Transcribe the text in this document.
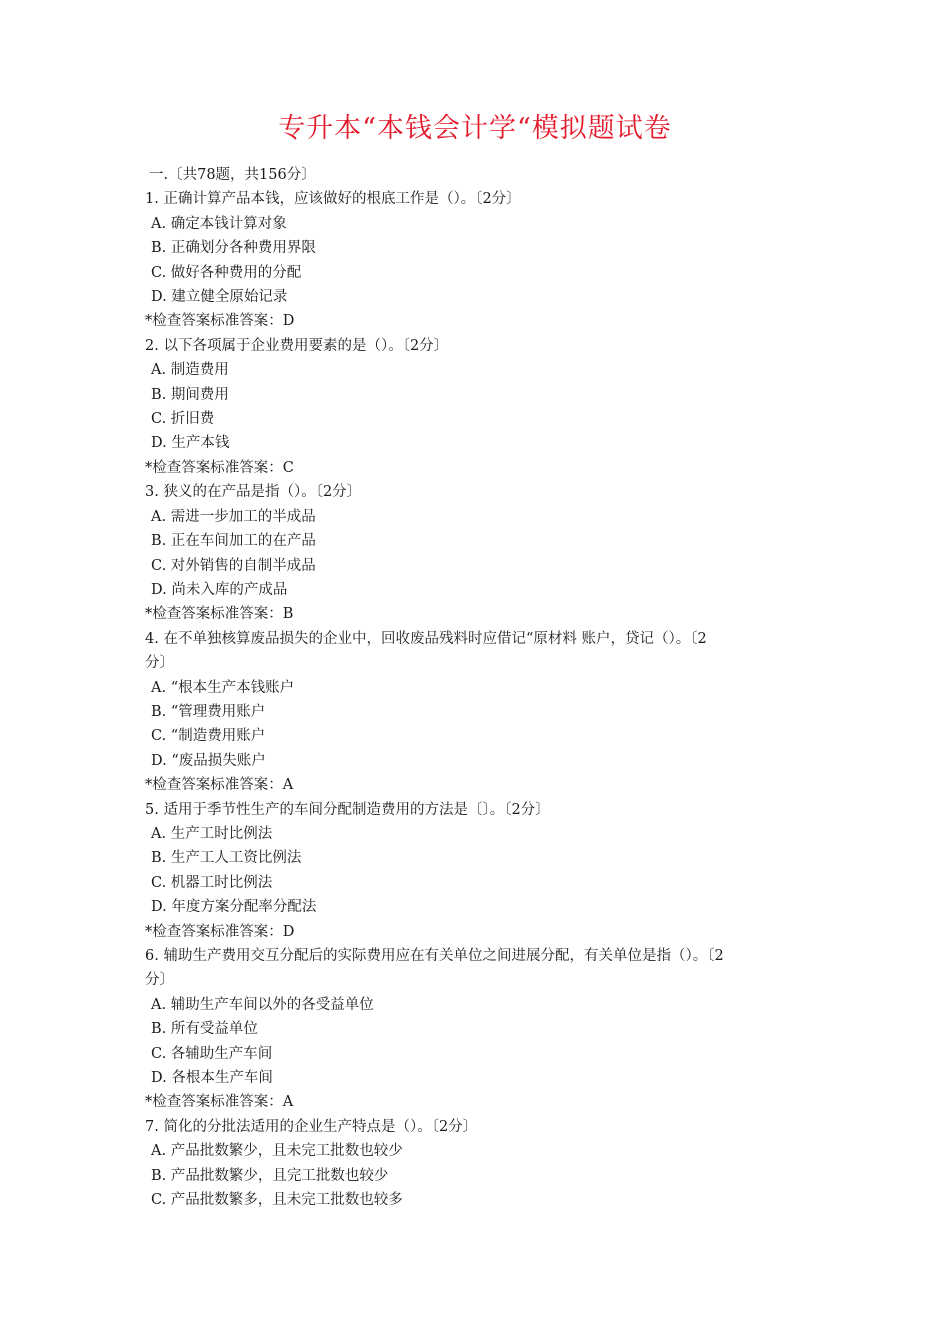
专升本“本钱会计学“模拟题试卷
一.〔共78题，共156分〕
1. 正确计算产品本钱，应该做好的根底工作是（）。〔2分〕
A. 确定本钱计算对象
B. 正确划分各种费用界限
C. 做好各种费用的分配
D. 建立健全原始记录
*检查答案标准答案：D
2. 以下各项属于企业费用要素的是（）。〔2分〕
A. 制造费用
B. 期间费用
C. 折旧费
D. 生产本钱
*检查答案标准答案：C
3. 狭义的在产品是指（）。〔2分〕
A. 需进一步加工的半成品
B. 正在车间加工的在产品
C. 对外销售的自制半成品
D. 尚未入库的产成品
*检查答案标准答案：B
4. 在不单独核算废品损失的企业中，回收废品残料时应借记“原材料 账户，贷记（）。〔2
分〕
A. “根本生产本钱账户
B. “管理费用账户
C. “制造费用账户
D. “废品损失账户
*检查答案标准答案：A
5. 适用于季节性生产的车间分配制造费用的方法是〔〕。〔2分〕
A. 生产工时比例法
B. 生产工人工资比例法
C. 机器工时比例法
D. 年度方案分配率分配法
*检查答案标准答案：D
6. 辅助生产费用交互分配后的实际费用应在有关单位之间进展分配，有关单位是指（）。〔2
分〕
A. 辅助生产车间以外的各受益单位
B. 所有受益单位
C. 各辅助生产车间
D. 各根本生产车间
*检查答案标准答案：A
7. 简化的分批法适用的企业生产特点是（）。〔2分〕
A. 产品批数繁少，且未完工批数也较少
B. 产品批数繁少，且完工批数也较少
C. 产品批数繁多，且未完工批数也较多
